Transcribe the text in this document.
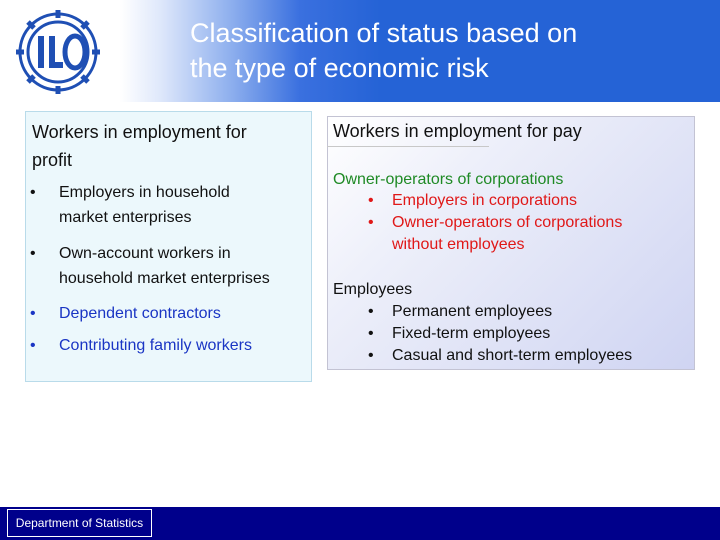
Classification of status based on
the type of economic risk
Workers in employment for
profit
•	Employers in household
market enterprises
•	Own-account workers in
household market enterprises
•	Dependent contractors
•	Contributing family workers
Workers in employment for pay
Owner-operators of corporations
• Employers in corporations
• Owner-operators of corporations
without employees
Employees
• Permanent employees
• Fixed-term employees
• Casual and short-term employees
Department of Statistics
